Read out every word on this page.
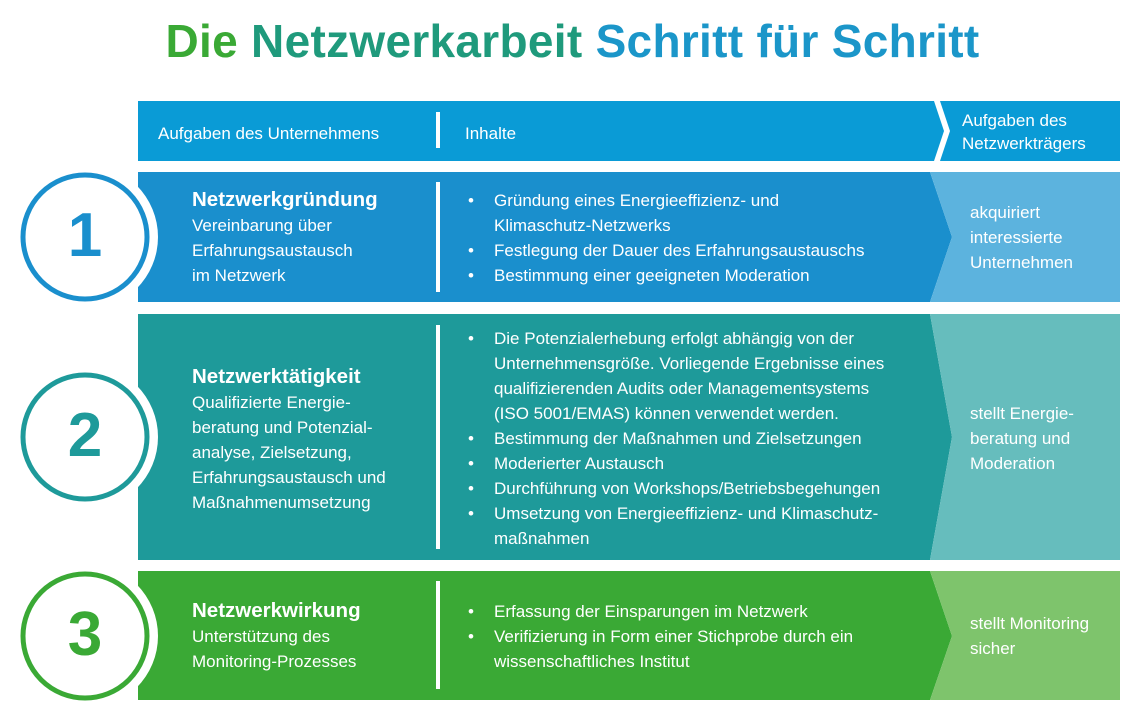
Die Netzwerkarbeit Schritt für Schritt
Aufgaben des Unternehmens	Inhalte
Aufgaben des
Netzwerkträgers
1
2
3
Netzwerkgründung
Vereinbarung über
Erfahrungsaustausch
im Netzwerk
• Gründung eines Energieeffizienz- und
Klimaschutz-Netzwerks
• Festlegung der Dauer des Erfahrungsaustauschs
• Bestimmung einer geeigneten Moderation
akquiriert
interessierte
Unternehmen
Netzwerktätigkeit
Qualifizierte Energie-
beratung und Potenzial-
analyse, Zielsetzung,
Erfahrungsaustausch und
Maßnahmenumsetzung
• Die Potenzialerhebung erfolgt abhängig von der
Unternehmensgröße. Vorliegende Ergebnisse eines
qualifizierenden Audits oder Managementsystems
(ISO 5001/EMAS) können verwendet werden.
• Bestimmung der Maßnahmen und Zielsetzungen
• Moderierter Austausch
• Durchführung von Workshops/Betriebsbegehungen
• Umsetzung von Energieeffizienz- und Klimaschutz-
maßnahmen
stellt Energie-
beratung und
Moderation
Netzwerkwirkung
Unterstützung des
Monitoring-Prozesses
• Erfassung der Einsparungen im Netzwerk
• Verifizierung in Form einer Stichprobe durch ein
wissenschaftliches Institut
stellt Monitoring
sicher
